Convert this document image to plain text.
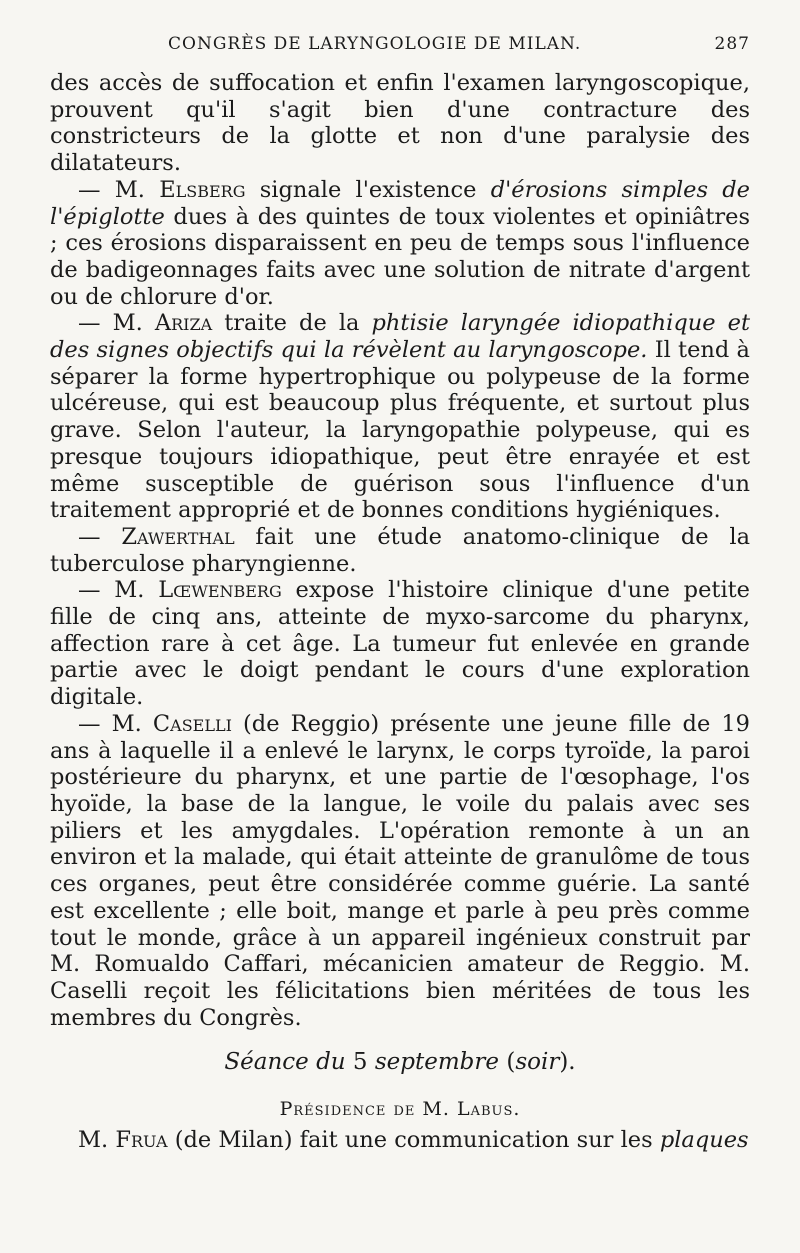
CONGRÈS DE LARYNGOLOGIE DE MILAN.	287

des accès de suffocation et enfin l'examen laryngoscopique, prouvent qu'il s'agit bien d'une contracture des constricteurs de la glotte et non d'une paralysie des dilatateurs.

— M. Elsberg signale l'existence d'érosions simples de l'épiglotte dues à des quintes de toux violentes et opiniâtres ; ces érosions disparaissent en peu de temps sous l'influence de badigeonnages faits avec une solution de nitrate d'argent ou de chlorure d'or.

— M. Ariza traite de la phtisie laryngée idiopathique et des signes objectifs qui la révèlent au laryngoscope. Il tend à séparer la forme hypertrophique ou polypeuse de la forme ulcéreuse, qui est beaucoup plus fréquente, et surtout plus grave. Selon l'auteur, la laryngopathie polypeuse, qui es presque toujours idiopathique, peut être enrayée et est même susceptible de guérison sous l'influence d'un traitement approprié et de bonnes conditions hygiéniques.

— Zawerthal fait une étude anatomo-clinique de la tuberculose pharyngienne.

— M. Lœwenberg expose l'histoire clinique d'une petite fille de cinq ans, atteinte de myxo-sarcome du pharynx, affection rare à cet âge. La tumeur fut enlevée en grande partie avec le doigt pendant le cours d'une exploration digitale.

— M. Caselli (de Reggio) présente une jeune fille de 19 ans à laquelle il a enlevé le larynx, le corps tyroïde, la paroi postérieure du pharynx, et une partie de l'œsophage, l'os hyoïde, la base de la langue, le voile du palais avec ses piliers et les amygdales. L'opération remonte à un an environ et la malade, qui était atteinte de granulôme de tous ces organes, peut être considérée comme guérie. La santé est excellente ; elle boit, mange et parle à peu près comme tout le monde, grâce à un appareil ingénieux construit par M. Romualdo Caffari, mécanicien amateur de Reggio. M. Caselli reçoit les félicitations bien méritées de tous les membres du Congrès.

Séance du 5 septembre (soir).

Présidence de M. Labus.

M. Frua (de Milan) fait une communication sur les plaques
